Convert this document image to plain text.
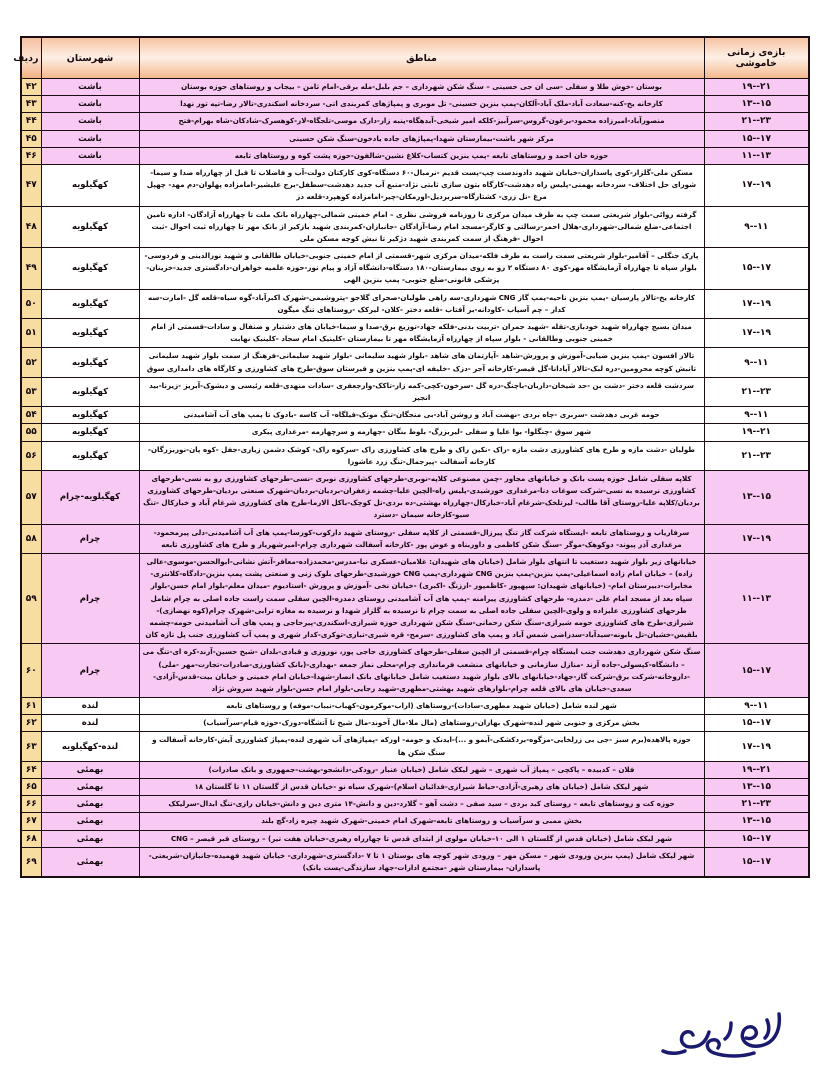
بازه‌ی زمانی خاموشی	مناطق	شهرستان	ردیف
۲۱--۱۹	بوستان -خوش طلا و سفلی -سی ان جی حسینی – سنگ شکن شهرداری – جم بلبل-مله برقی-امام ثامن – بیجاب و روستاهای حوزه بوستان	باشت	۴۲
۱۵--۱۳	کارخانه یخ-کنه-سعادت آباد-ملک آباد-آلکان-پمپ بنزین حسینی- تل موبری و پمپاژهای کمربندی اتی- سردخانه اسکندری-تالار رضا-تپه تور نهدا	باشت	۴۳
۲۳--۲۱	منصورآباد-امیرزاده محمود-برغون-گروس-سرآبیز-کلکه امیر شیخی-آبدهگاه-پنبه زار-دارک موسی-تلجگاه-لار-کوهسرک-شادکان-شاه بهرام-فتح	باشت	۴۴
۱۷--۱۵	مرکز شهر باشت-بیمارستان شهدا-پمپاژهای جاده یادخون-سنگ شکن حسینی	باشت	۴۵
۱۳--۱۱	حوزه خان احمد و روستاهای تابعه -پمپ بنزین کتساب-کلاغ نشین-شالفون-حوزه پشت کوه و روستاهای تابعه	باشت	۴۶
۱۹--۱۷	مسکن ملی-گلزار-کوی پاسداران-خیابان شهید دادوندست چپ-پست قدیم -نرمبال-۶۰ دستگاه-کوی کارکنان دولت-آب و فاضلاب تا قبل از چهارراه صدا و سیما-شورای حل اختلاف- سردخانه بهمنی-پلیس راه دهدشت-کارگاه بتون سازی ثابتی نژاد-منبع آب جدید دهدشت-سطفل-برج علیشیر-امامزاده پهلوان-دم مهد- چهپل مرغ -تل زری- کشتارگاه-سربردیل-اورمکان-چیر-امامزاده کوهپرد-قلعه دز	کهگیلویه	۴۷
۱۱--۹	گرفته روائی-بلوار شریعتی سمت چپ به طرف میدان مرکزی تا روزنامه فروشی نظری – امام خمینی شمالی-چهارراه بانک ملت تا چهارراه آزادگان- اداره تامین اجتماعی-ضلع شمالی-شهرداری-هلال احمر-رسالتی و کارگر-مسجد امام رضا-آزادگان -جانبازان-کمربندی شهید بازکیر از بانک مهر تا چهارراه ثبت احوال -ثبت احوال -فرهنگ از سمت کمربندی شهید دژکیر تا نبش کوچه مسکن ملی	کهگیلویه	۴۸
۱۷--۱۵	پارک جنگلی – آقامیر-بلوار شریعتی سمت راست به طرف فلکه-میدان مرکزی شهر-قسمتی از امام خمینی جنوبی-خیابان طالقانی و شهید نورالدینی و فردوسی-بلوار سپاه تا چهارراه آزمایشگاه مهر-کوی ۸۰ دستگاه ۲ رو به روی بیمارستان-۱۸۰ دستگاه-دانشگاه آزاد و پیام نور-حوزه علمیه خواهران-دادگستری جدید-خزینان-پزشکی قانونی-ضلع جنوبی- پمپ بنزین الهی	کهگیلویه	۴۹
۱۹--۱۷	کارخانه یخ-تالار پارسیان -پمپ بنزین ناحیه-پمپ گاز CNG شهرداری-سه راهی طولیان-صحرای گلاجو -پتروشیمی-شهرک اکبرآباد-گوه سیاه-قلعه گل -امارت-سه کدار – چم آسیاب -کاودانه-بر آفتاب -قلعه دختر -کلان- لیرکک -روستاهای تنگ میگون	کهگیلویه	۵۰
۱۹--۱۷	میدان بسیج چهارراه شهید خودبازی-تقله -شهید جمران -تربیت بدنی-فلکه جهاد-توزیع برق-صدا و سیما-خیابان های دشتبار و ضنفال و سادات-قسمتی از امام خمینی جنوبی وطالقانی - بلوار سپاه از چهارراه آزمایشگاه مهر تا بیمارستان -کلینیک امام سجاد -کلینیک نهابت	کهگیلویه	۵۱
۱۱--۹	تالار افسون -پمپ بنزین ضیایی-آموزش و پرورش-شاهد -آپارتمان های شاهد -بلوار شهید سلیمانی -بلوار شهید سلیمانی-فرهنگ از سمت بلوار شهید سلیمانی تانبش کوچه محرومین-دره لبک-تالار آپادانا-گل قیصر-کارخانه آجر -دزک -خلیفه ای-پمپ بنزین و فیرستان سوق-طرح های کشاورزی و کارگاه های دامداری سوق	کهگیلویه	۵۲
۲۳--۲۱	سردشت قلعه دختر -دشت بن -حد شیخان-داربان-باچنگ-دره گل -سرخون-کچی-کمه زار-تاکک-وارجعفری -سادات منهدی-قلعه رئیسی و دیشوک-آبریز -زیرنا-بید انجیر	کهگیلویه	۵۳
۱۱--۹	حومه غربی دهدشت -سربری -چاه بردی -نهضت آباد و روشن آباد-بی منجگان-تنگ موتک-فیلگاه- آب کاسه -یادوک تا پمپ های آب آشامیدنی	کهگیلویه	۵۴
۲۱--۱۹	شهر سوق -چنگلوا- بوا علیا و سفلی -لیربزرگ- بلوط بنگان -چهارمه و سرچهارمه -مرغداری پیکری	کهگیلویه	۵۵
۲۳--۲۱	طولیان -دشت مازه و طرح های کشاورزی دشت مازه -راک -نکین راک و طرح های کشاورزی راک -سرکوه راک- کوشک دشمن زیاری-جفل -کوه پان-نوربزرگان-کارخانه آسفالت -پیرجمال-تنگ زرد عاشورا	کهگیلویه	۵۶
۱۵--۱۳	کلاپه سفلی شامل حوزه پست بانک و خیابانهای مجاور -چمن مصنوعی کلاپه-نوبری-طرحهای کشاورزی نوبری -نسی-طرحهای کشاورزی رو به نسی-طرحهای کشاورزی نرسیده به نسی-شرکت سوغات دنا-مرغداری خورشیدی-پلیس راه-الچین علیا-چشمه زعفران-بردیان-بردیان-شهرک صنعتی بردیان-طرحهای کشاورزی بردیان/کلاپه علیا-روستای آقا طالب- لیرتلخک-شرغام آباد-خبارکال-چهارراه بهشتی-ده بردی-تل کوچک-باکل الارما-طرح های کشاورزی شرغام آباد و خبارکال -تنگ سیو-کارخانه سیمان -دسترد	کهگیلویه-چرام	۵۷
۱۹--۱۷	سرفاریاب و روستاهای تابعه -ایستگاه شرکت گاز تنگ پیرزال-قسمتی از کلاپه سفلی -روستای شهید دارکوب-کورسا-پمپ های آب آشامیدنی-دلی پیرمحمود-مرغداری آذر پیوند- دوکوهک-موگر -سنگ شکن کاظمی و داوربناه و عوض پور -کارخانه آسفالت شهرداری چرام-امیرشهریار و طرح های کشاورزی تابعه	چرام	۵۸
۱۳--۱۱	خیابانهای زیر بلوار شهید دستغیب تا انتهای بلوار شامل (خیابان های شهیدان: غلامیان-عسکری نیا-مدرس-محمدزاده-معافر-آتش نشانی-ابوالحسن-موسوی-عالی زاده) – خیابان امام زاده اسماعیلی-پمپ بنزین-پمپ بنزین CNG شهرداری-پمپ CNG خورشیدی-طرحهای بلوک زنی و صنعتی پشت پمپ بنزین-دادگاه-کلانتری-مخابرات-دبیرستان امام- (خیابانهای شهیدان: سپهپور -کاظمپور -ارزنگ -اکبری) -خیابان نخی -آموزش و پرورش -استادیوم -میدان معلم-بلوار امام حسن-بلوار سپاه بعد از مسجد امام علی -دمدره- طرحهای کشاورزی پیرامنه -پمپ های آب آشامیدنی روستای دمدره-الچین سفلی سمت راست جاده اصلی به چرام شامل طرحهای کشاورزی علیزاده و ولوی-الچین سفلی جاده اصلی به سمت چرام تا نرسیده به گلزار شهدا و نرسیده به مغازه ترابی-شهرک چرام(کوه نهضازی)-شیرازی-طرح های کشاورزی حومه شیرازی-سنگ شکن رحمانی-سنگ شکن شهرداری حوزه شیرازی-اسکندری-پیرحاجی و پمپ های آب آشامیدنی حومه-چشمه بلقیس-خشیان-تل بابونه-سیدآباد-سدراضی شمس آباد و پمپ های کشاورزی -سرمح- قره شیری-تباری-توکری-کدار شهری و پمپ آب کشاورزی جنب پل تازه کان	چرام	۵۹
۱۷--۱۵	سنگ شکن شهرداری دهدشت جنب ایستگاه چرام-قسمتی از الچین سفلی-طرحهای کشاورزی حاجی پور، نوروزی و قبادی-بلدان -شیخ حسین-آرند-کره ای-تنگ می – دانشگاه-کپسولی-جاده آرند -منازل سازمانی و خیابانهای منشعب فرمانداری چرام-محلی نماز جمعه -بهداری-(بانک کشاورزی-صادرات-تجارت-مهر -ملی) -داروخانه-شرکت برق-شرکت گاز-جهاد-خیابانهای بالای بلوار شهید دستغیب شامل خیابانهای بانک انصار-شهدا-خیابان امام خمینی و خیابان بیت-قدس-آزادی-سعدی-خیابان های بالای قلعه چرام-بلوارهای شهید بهشتی-مطهری-شهید رجایی-بلوار امام حسن-بلوار شهید سروش نژاد	چرام	۶۰
۱۱--۹	شهر لنده شامل (خیابان شهید مطهری-سادات)-روستاهای (اراب-موکرمون-کهباب-نیباب-موفه) و روستاهای تابعه	لنده	۶۱
۱۷--۱۵	بخش مرکزی و جنوبی شهر لنده-شهرک بهاران-روستاهای (مال ملا-مال آخوند-مال شیخ تا آتشگاه-دورک-حوزه قیام-سرآسیاب)	لنده	۶۲
۱۹--۱۷	حوزه پالاهده(برم سبز -جی بی زرلخایی-مزگوه-بردکشکی-آبمو و ...)-ایدنک و حومه- اورکه -پمپاژهای آب شهری لنده-پمپاژ کشاورزی آبش-کارخانه آسفالت و سنگ شکن ها	لنده-کهگیلویه	۶۳
۲۱--۱۹	فلان – کدبیده – پاکچی – پمپاژ آب شهری – شهر لیکک شامل (خیابان عنبار -رودکی-دانشجو-بهشت-جمهوری و بانک صادرات)	بهمئی	۶۴
۱۵--۱۳	شهر لیکک شامل (خیابان های رهبری-آزادی-حیاط شیرازی-فدائیان اسلام)-شهرک سیاه نو -خیابان قدس از گلستان ۱۱ تا گلستان ۱۸	بهمئی	۶۵
۲۳--۲۱	حوزه کت و روستاهای تابعه – روستای کبد بردی – سید صفی – دشت آهو – گلارد-دین و دانش-۱۴ متری دین و دانش-خیابان رازی-تنگ ابدال-سرلیکک	بهمئی	۶۶
۱۵--۱۳	بخش ممبی و سرآسیاب و روستاهای تابعه-شهرک امام خمینی-شهرک شهید چیره زاد-گچ بلند	بهمئی	۶۷
۱۷--۱۵	شهر لیکک شامل (خیابان قدس از گلستان ۱ الی ۱۰-خیابان مولوی از ابتدای قدس تا چهارراه رهبری-خیابان هفت تیر) – روستای قبر قیصر – CNG	بهمئی	۶۸
۱۷--۱۵	شهر لیکک شامل (پمپ بنزین ورودی شهر – مسکن مهر – ورودی شهر کوچه های بوستان ۱ تا ۷ -دادگستری-شهرداری- خیابان شهید فهمیده-جانبازان-شریعتی-پاسداران- بیمارستان شهر -مجتمع ادارات-جهاد سازندگی-پست بانک)	بهمئی	۶۹
